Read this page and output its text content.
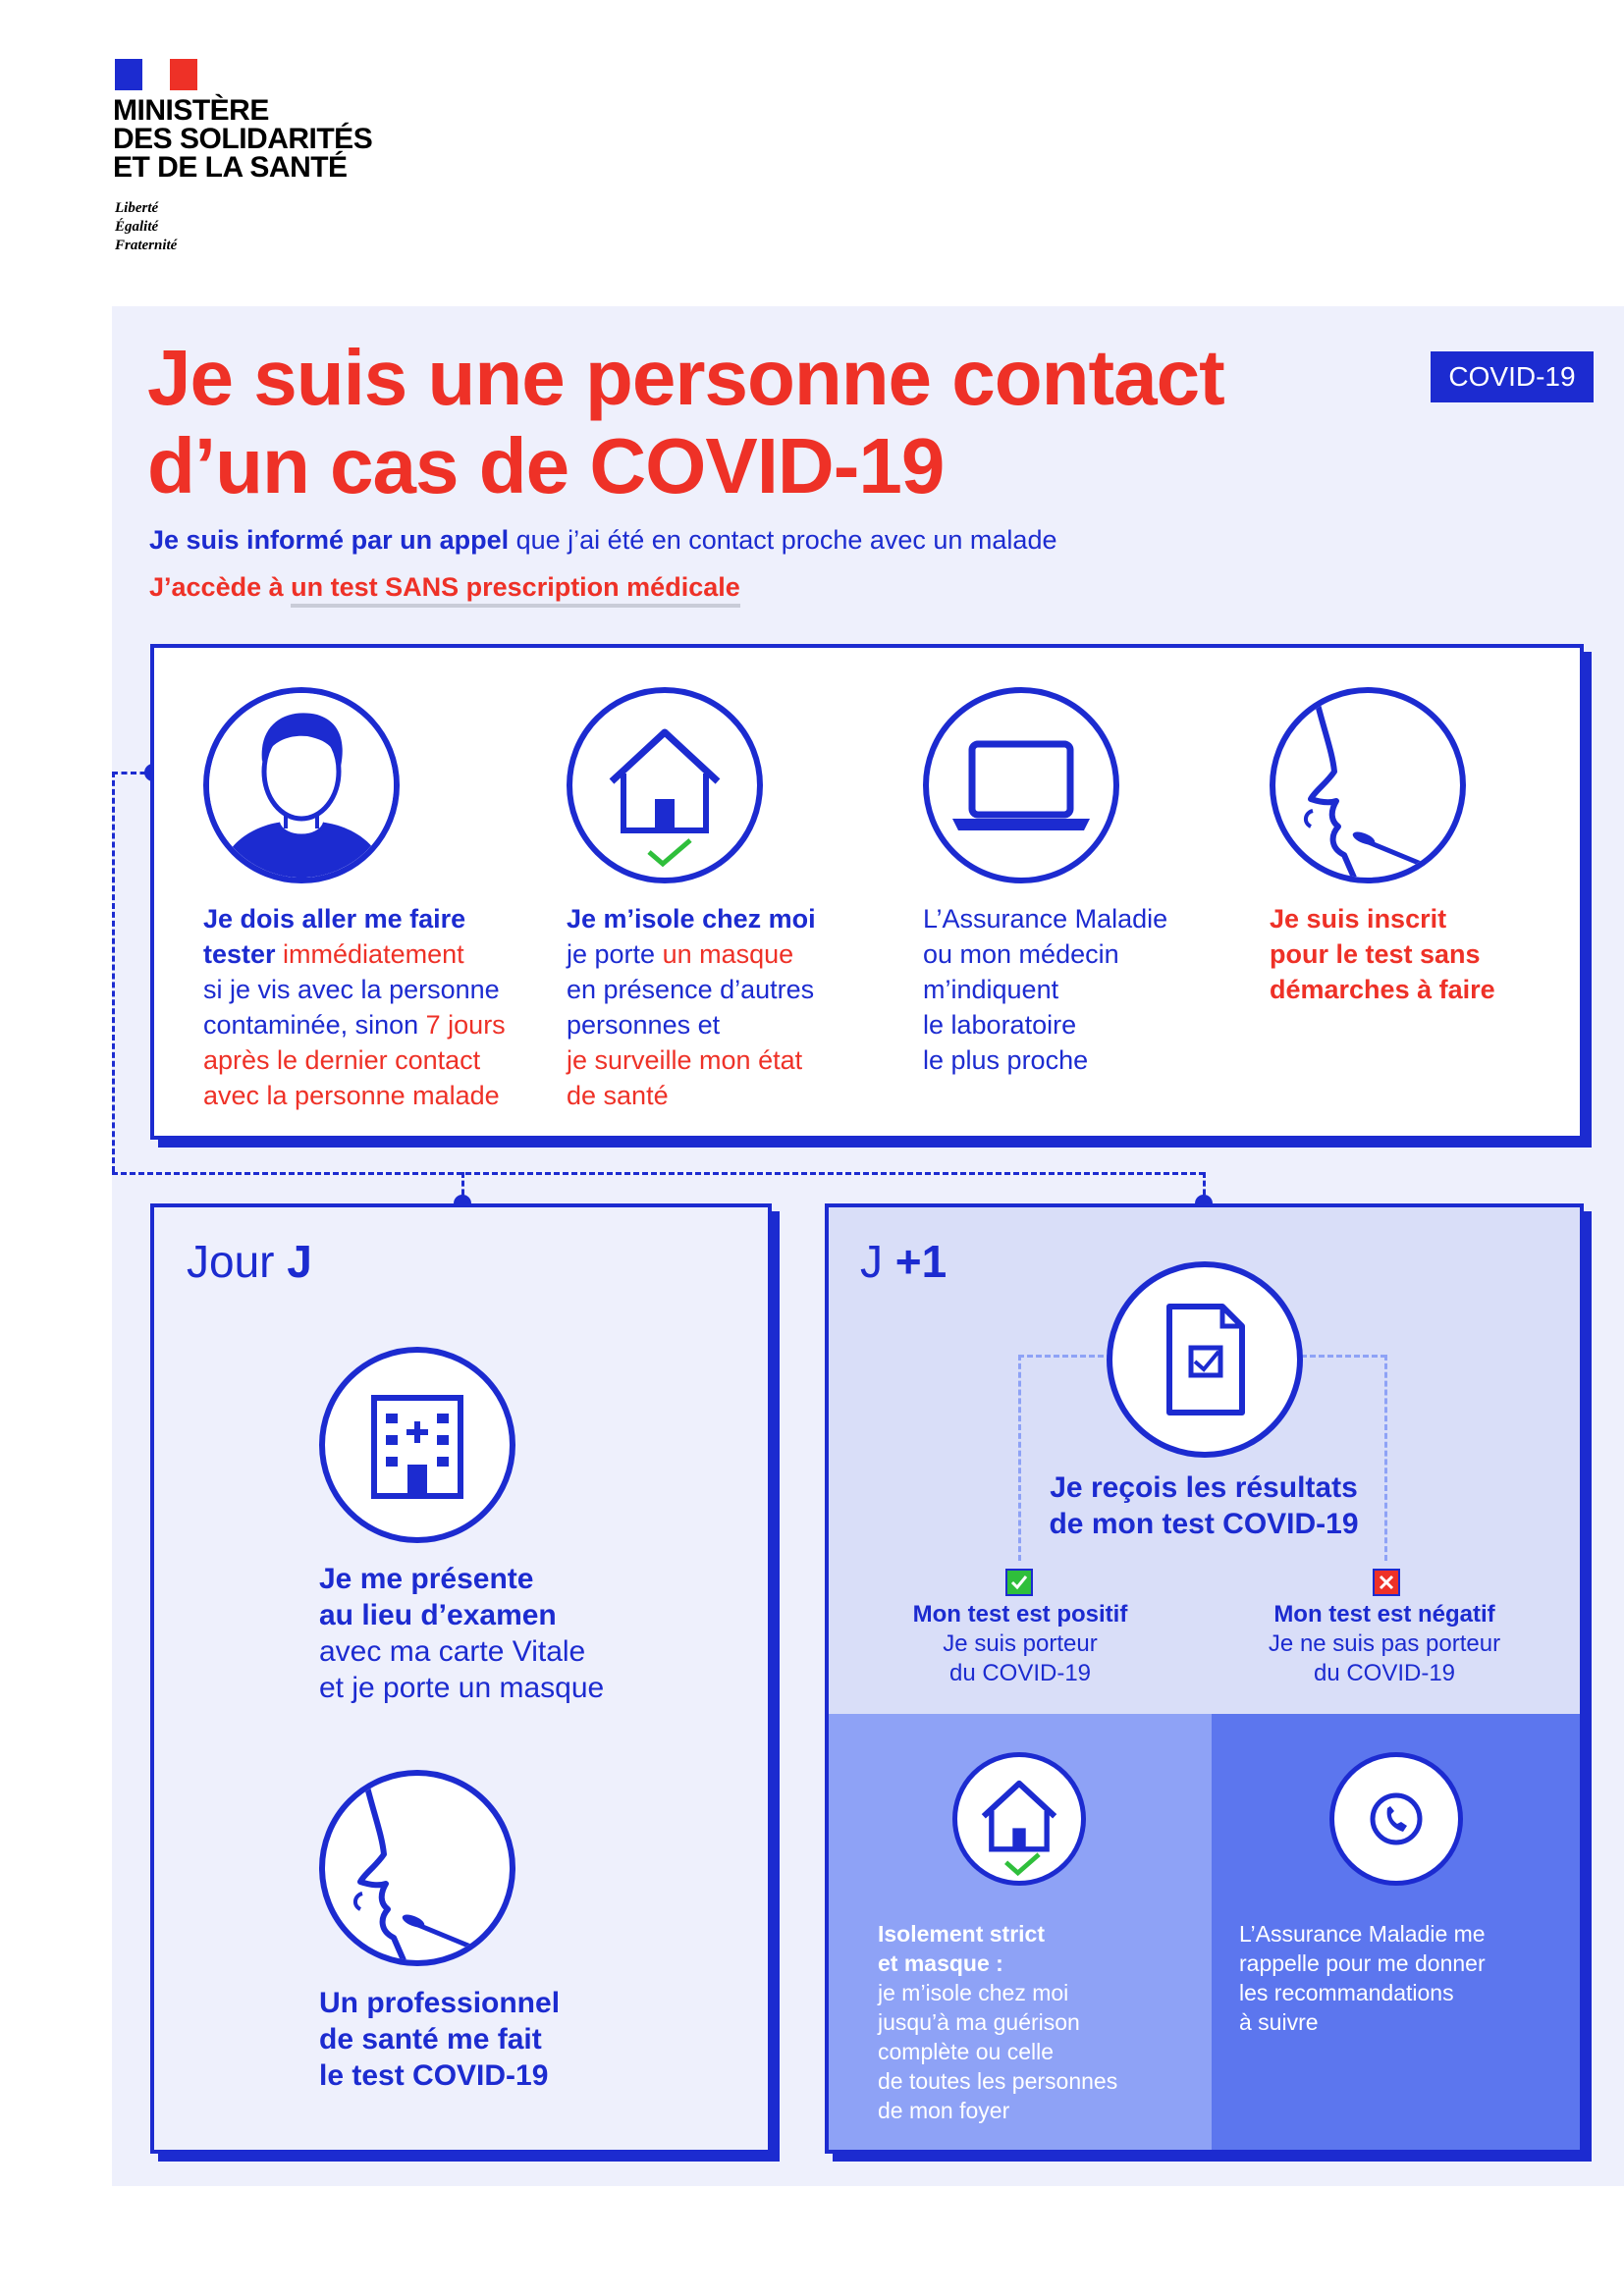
MINISTÈRE
DES SOLIDARITÉS
ET DE LA SANTÉ
Liberté
Égalité
Fraternité
Je suis une personne contact
d’un cas de COVID-19
COVID-19
Je suis informé par un appel que j’ai été en contact proche avec un malade
J’accède à un test SANS prescription médicale
Je dois aller me faire
tester immédiatement
si je vis avec la personne
contaminée, sinon 7 jours
après le dernier contact
avec la personne malade
Je m’isole chez moi
je porte un masque
en présence d’autres
personnes et
je surveille mon état
de santé
L’Assurance Maladie
ou mon médecin
m’indiquent
le laboratoire
le plus proche
Je suis inscrit
pour le test sans
démarches à faire
Jour J
Je me présente
au lieu d’examen
avec ma carte Vitale
et je porte un masque
Un professionnel
de santé me fait
le test COVID-19
J +1
Je reçois les résultats
de mon test COVID-19
Mon test est positif
Je suis porteur
du COVID-19
Mon test est négatif
Je ne suis pas porteur
du COVID-19
Isolement strict
et masque :
je m’isole chez moi
jusqu’à ma guérison
complète ou celle
de toutes les personnes
de mon foyer
L’Assurance Maladie me
rappelle pour me donner
les recommandations
à suivre
